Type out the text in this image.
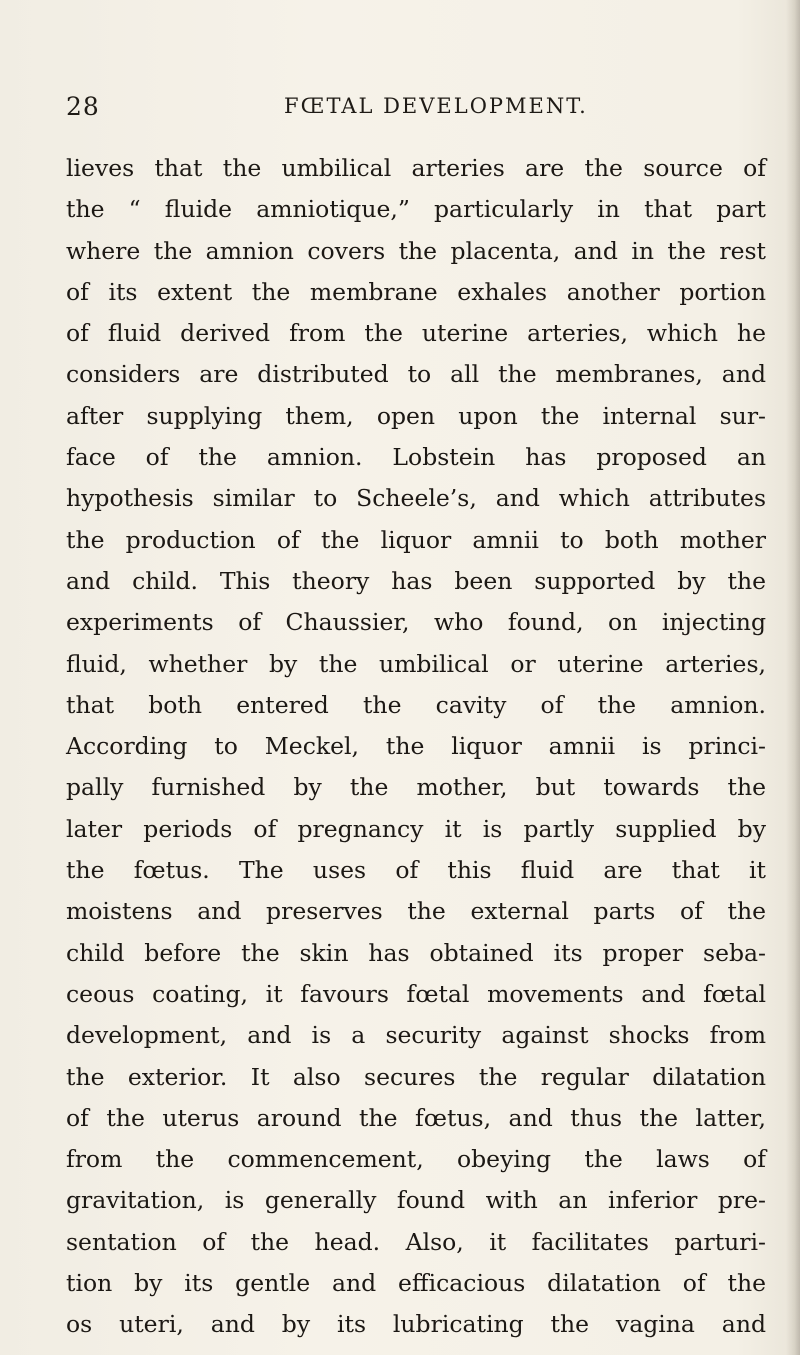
28	FŒTAL DEVELOPMENT.
lieves that the umbilical arteries are the source of
the “ fluide amniotique,” particularly in that part
where the amnion covers the placenta, and in the rest
of its extent the membrane exhales another portion
of fluid derived from the uterine arteries, which he
considers are distributed to all the membranes, and
after supplying them, open upon the internal sur-
face of the amnion. Lobstein has proposed an
hypothesis similar to Scheele’s, and which attributes
the production of the liquor amnii to both mother
and child. This theory has been supported by the
experiments of Chaussier, who found, on injecting
fluid, whether by the umbilical or uterine arteries,
that both entered the cavity of the amnion.
According to Meckel, the liquor amnii is princi-
pally furnished by the mother, but towards the
later periods of pregnancy it is partly supplied by
the fœtus. The uses of this fluid are that it
moistens and preserves the external parts of the
child before the skin has obtained its proper seba-
ceous coating, it favours fœtal movements and fœtal
development, and is a security against shocks from
the exterior. It also secures the regular dilatation
of the uterus around the fœtus, and thus the latter,
from the commencement, obeying the laws of
gravitation, is generally found with an inferior pre-
sentation of the head. Also, it facilitates parturi-
tion by its gentle and efficacious dilatation of the
os uteri, and by its lubricating the vagina and
